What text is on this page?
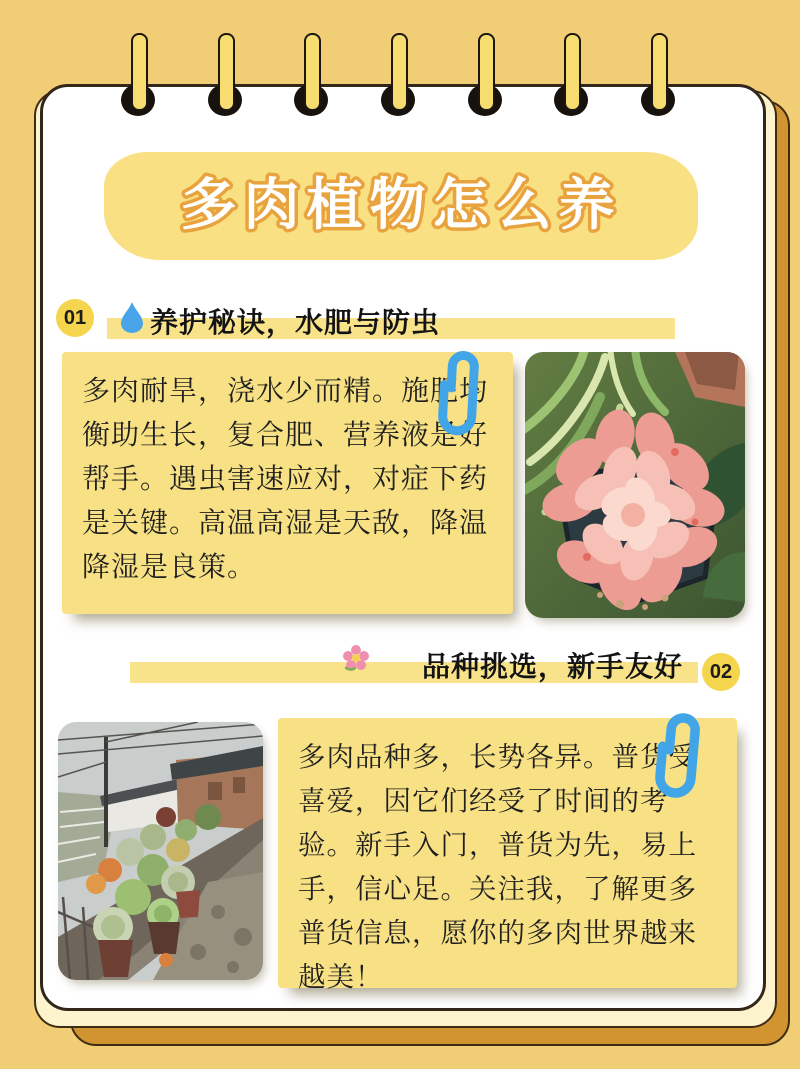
多肉植物怎么养
01 养护秘诀，水肥与防虫
多肉耐旱，浇水少而精。施肥均衡助生长，复合肥、营养液是好帮手。遇虫害速应对，对症下药是关键。高温高湿是天敌，降温降湿是良策。
品种挑选，新手友好	02
多肉品种多，长势各异。普货受喜爱，因它们经受了时间的考验。新手入门，普货为先，易上手，信心足。关注我，了解更多普货信息，愿你的多肉世界越来越美！
